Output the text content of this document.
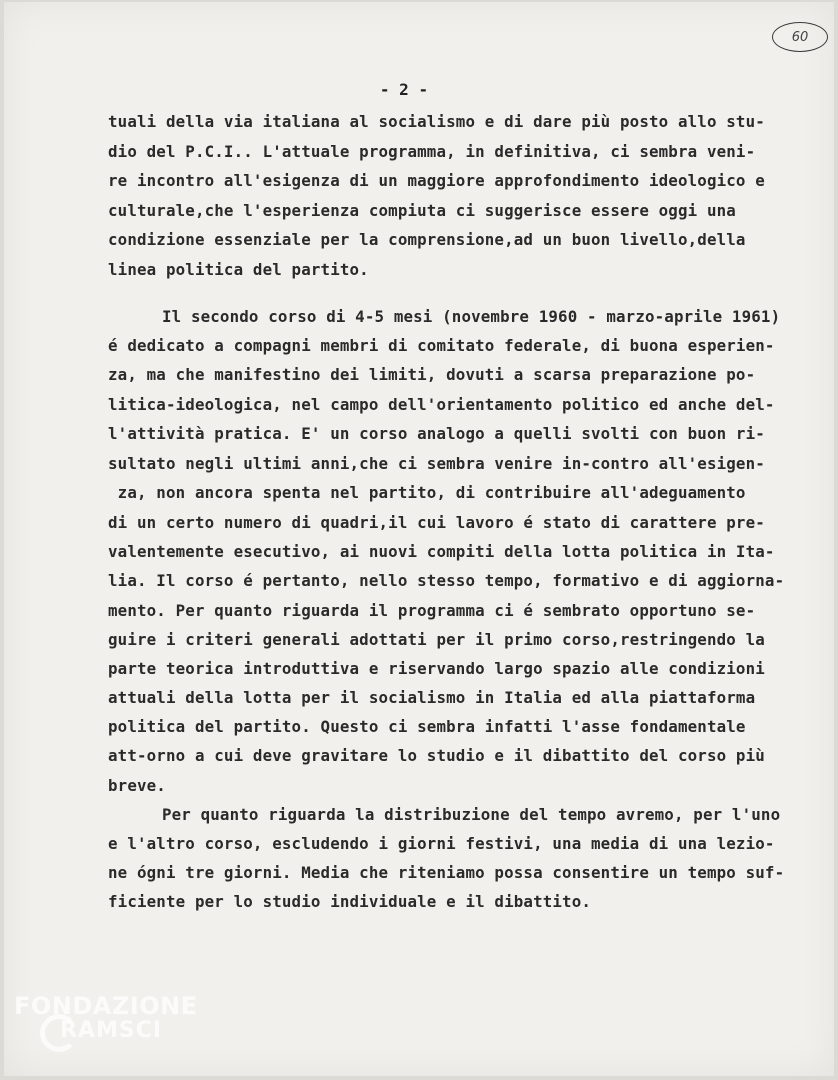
60
- 2 -
tuali della via italiana al socialismo e di dare più posto allo stu-
dio del P.C.I.. L'attuale programma, in definitiva, ci sembra veni-
re incontro all'esigenza di un maggiore approfondimento ideologico e
culturale,che l'esperienza compiuta ci suggerisce essere oggi una
condizione essenziale per la comprensione,ad un buon livello,della
linea politica del partito.
Il secondo corso di 4-5 mesi (novembre 1960 - marzo-aprile 1961)
é dedicato a compagni membri di comitato federale, di buona esperien-
za, ma che manifestino dei limiti, dovuti a scarsa preparazione po-
litica-ideologica, nel campo dell'orientamento politico ed anche del-
l'attività pratica. E' un corso analogo a quelli svolti con buon ri-
sultato negli ultimi anni,che ci sembra venire in-contro all'esigen-
za, non ancora spenta nel partito, di contribuire all'adeguamento
di un certo numero di quadri,il cui lavoro é stato di carattere pre-
valentemente esecutivo, ai nuovi compiti della lotta politica in Ita-
lia. Il corso é pertanto, nello stesso tempo, formativo e di aggiorna-
mento. Per quanto riguarda il programma ci é sembrato opportuno se-
guire i criteri generali adottati per il primo corso,restringendo la
parte teorica introduttiva e riservando largo spazio alle condizioni
attuali della lotta per il socialismo in Italia ed alla piattaforma
politica del partito. Questo ci sembra infatti l'asse fondamentale
att-orno a cui deve gravitare lo studio e il dibattito del corso più
breve.
Per quanto riguarda la distribuzione del tempo avremo, per l'uno
e l'altro corso, escludendo i giorni festivi, una media di una lezio-
ne ógni tre giorni. Media che riteniamo possa consentire un tempo suf-
ficiente per lo studio individuale e il dibattito.
FONDAZIONE
RAMSCI
